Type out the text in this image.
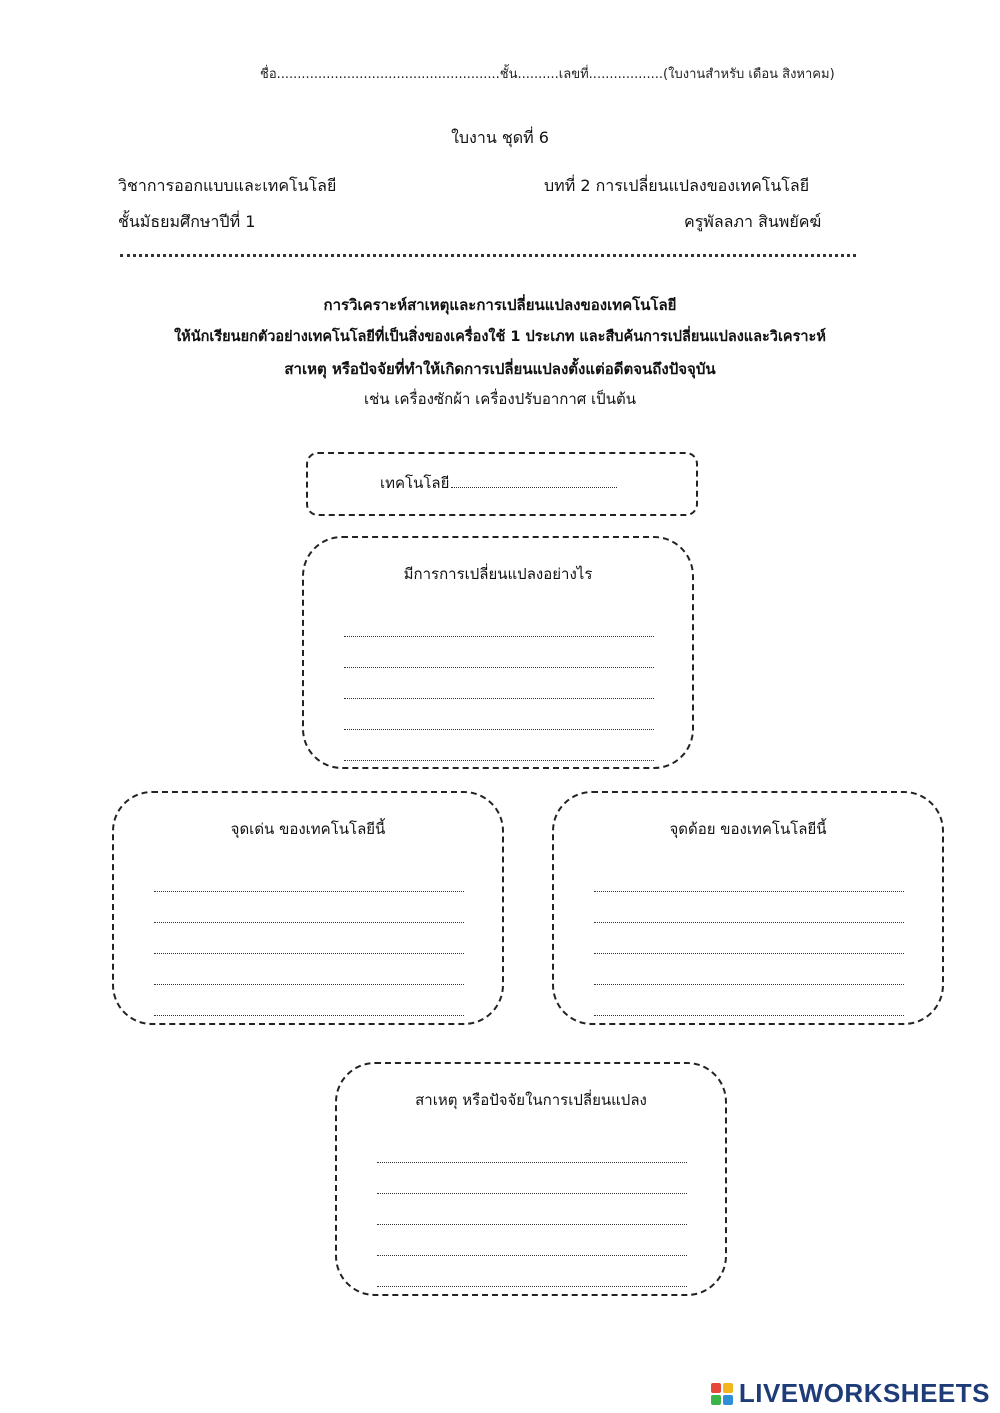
ชื่อ......................................................ชั้น..........เลขที่..................(ใบงานสำหรับ เดือน สิงหาคม)
ใบงาน ชุดที่ 6
วิชาการออกแบบและเทคโนโลยี	บทที่ 2 การเปลี่ยนแปลงของเทคโนโลยี
ชั้นมัธยมศึกษาปีที่ 1	ครูพัลลภา สินพยัคฆ์
การวิเคราะห์สาเหตุและการเปลี่ยนแปลงของเทคโนโลยี
ให้นักเรียนยกตัวอย่างเทคโนโลยีที่เป็นสิ่งของเครื่องใช้ 1 ประเภท และสืบค้นการเปลี่ยนแปลงและวิเคราะห์
สาเหตุ หรือปัจจัยที่ทำให้เกิดการเปลี่ยนแปลงตั้งแต่อดีตจนถึงปัจจุบัน
เช่น เครื่องซักผ้า เครื่องปรับอากาศ เป็นต้น
เทคโนโลยี
มีการการเปลี่ยนแปลงอย่างไร
จุดเด่น ของเทคโนโลยีนี้	จุดด้อย ของเทคโนโลยีนี้
สาเหตุ หรือปัจจัยในการเปลี่ยนแปลง
LIVEWORKSHEETS
